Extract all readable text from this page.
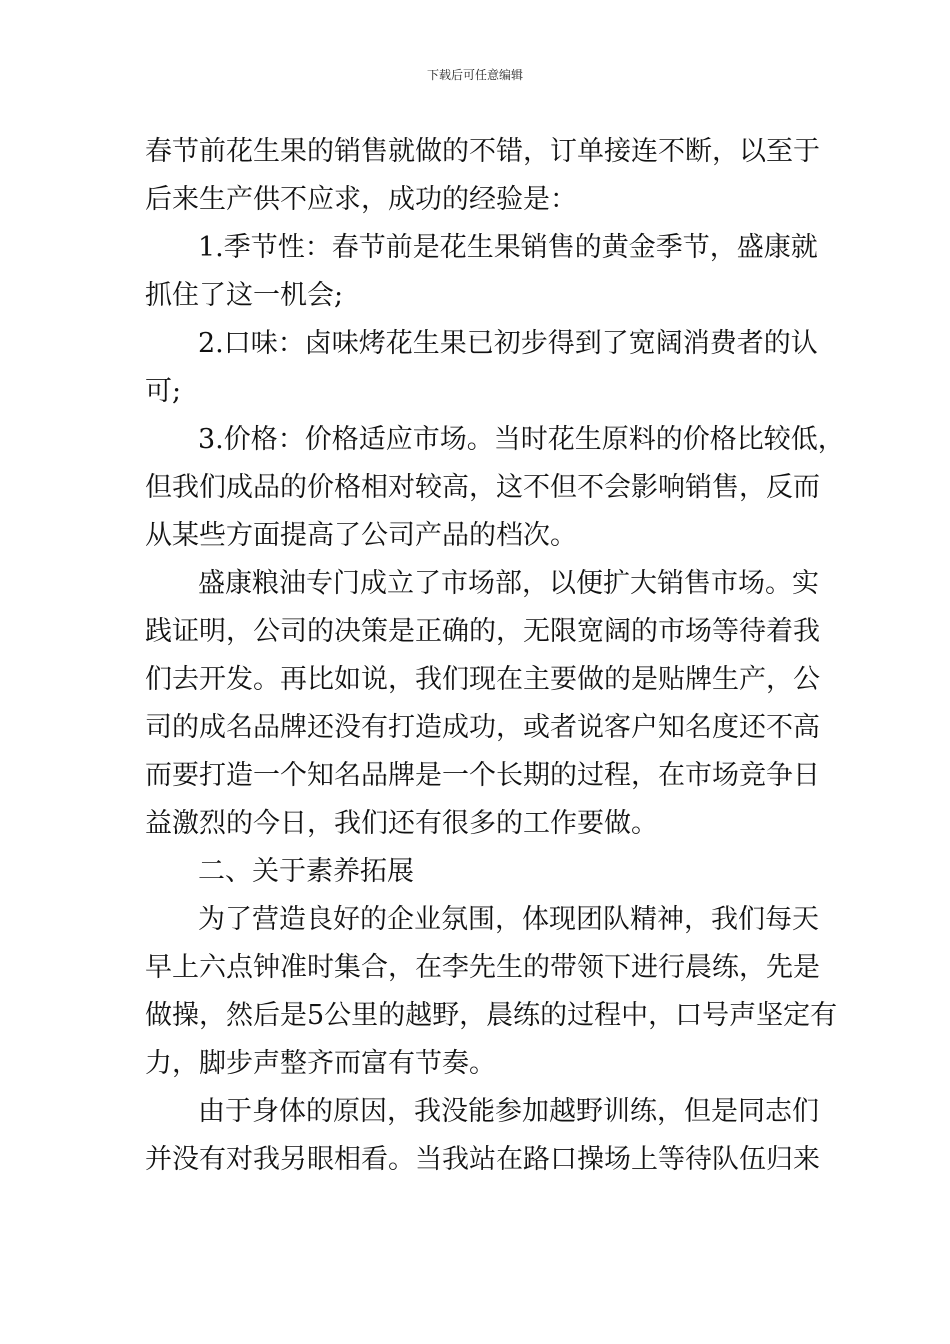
下载后可任意编辑
春节前花生果的销售就做的不错，订单接连不断，以至于
后来生产供不应求，成功的经验是：
1.季节性：春节前是花生果销售的黄金季节，盛康就
抓住了这一机会;
2.口味：卤味烤花生果已初步得到了宽阔消费者的认
可;
3.价格：价格适应市场。当时花生原料的价格比较低，
但我们成品的价格相对较高，这不但不会影响销售，反而
从某些方面提高了公司产品的档次。
盛康粮油专门成立了市场部，以便扩大销售市场。实
践证明，公司的决策是正确的，无限宽阔的市场等待着我
们去开发。再比如说，我们现在主要做的是贴牌生产，公
司的成名品牌还没有打造成功，或者说客户知名度还不高
而要打造一个知名品牌是一个长期的过程，在市场竞争日
益激烈的今日，我们还有很多的工作要做。
二、关于素养拓展
为了营造良好的企业氛围，体现团队精神，我们每天
早上六点钟准时集合，在李先生的带领下进行晨练，先是
做操，然后是5公里的越野，晨练的过程中，口号声坚定有
力，脚步声整齐而富有节奏。
由于身体的原因，我没能参加越野训练，但是同志们
并没有对我另眼相看。当我站在路口操场上等待队伍归来
